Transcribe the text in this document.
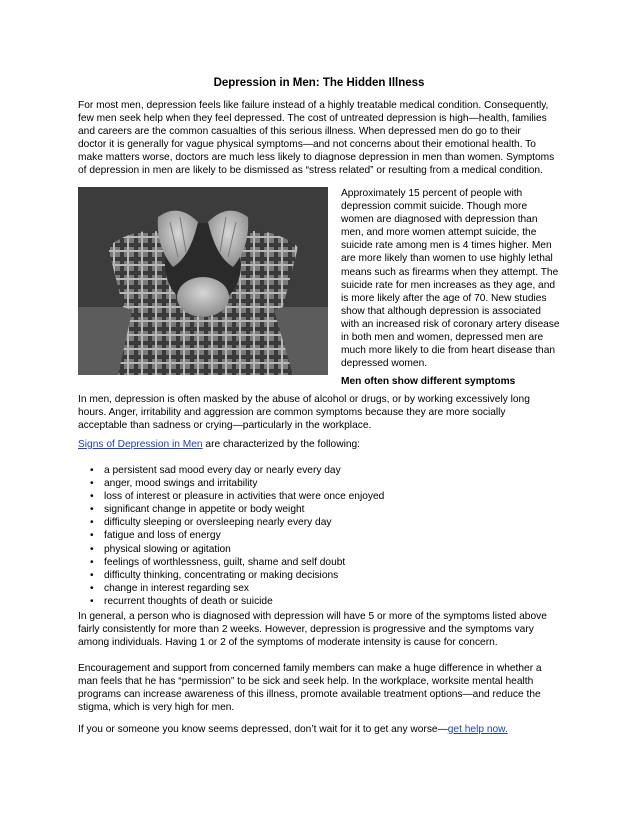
Depression in Men: The Hidden Illness

For most men, depression feels like failure instead of a highly treatable medical condition. Consequently,

few men seek help when they feel depressed. The cost of untreated depression is high—health, families

and careers are the common casualties of this serious illness. When depressed men do go to their

doctor it is generally for vague physical symptoms—and not concerns about their emotional health. To

make matters worse, doctors are much less likely to diagnose depression in men than women. Symptoms

of depression in men are likely to be dismissed as “stress related” or resulting from a medical condition.

Approximately 15 percent of people with

depression commit suicide. Though more

women are diagnosed with depression than

men, and more women attempt suicide, the

suicide rate among men is 4 times higher. Men

are more likely than women to use highly lethal

means such as firearms when they attempt. The

suicide rate for men increases as they age, and

is more likely after the age of 70. New studies

show that although depression is associated

with an increased risk of coronary artery disease

in both men and women, depressed men are

much more likely to die from heart disease than

depressed women.

Men often show different symptoms

In men, depression is often masked by the abuse of alcohol or drugs, or by working excessively long

hours. Anger, irritability and aggression are common symptoms because they are more socially

acceptable than sadness or crying—particularly in the workplace.

Signs of Depression in Men are characterized by the following:

• a persistent sad mood every day or nearly every day
• anger, mood swings and irritability
• loss of interest or pleasure in activities that were once enjoyed
• significant change in appetite or body weight
• difficulty sleeping or oversleeping nearly every day
• fatigue and loss of energy
• physical slowing or agitation
• feelings of worthlessness, guilt, shame and self doubt
• difficulty thinking, concentrating or making decisions
• change in interest regarding sex
• recurrent thoughts of death or suicide

In general, a person who is diagnosed with depression will have 5 or more of the symptoms listed above

fairly consistently for more than 2 weeks. However, depression is progressive and the symptoms vary

among individuals. Having 1 or 2 of the symptoms of moderate intensity is cause for concern.

Encouragement and support from concerned family members can make a huge difference in whether a

man feels that he has “permission” to be sick and seek help. In the workplace, worksite mental health

programs can increase awareness of this illness, promote available treatment options—and reduce the

stigma, which is very high for men.

If you or someone you know seems depressed, don’t wait for it to get any worse—get help now.
